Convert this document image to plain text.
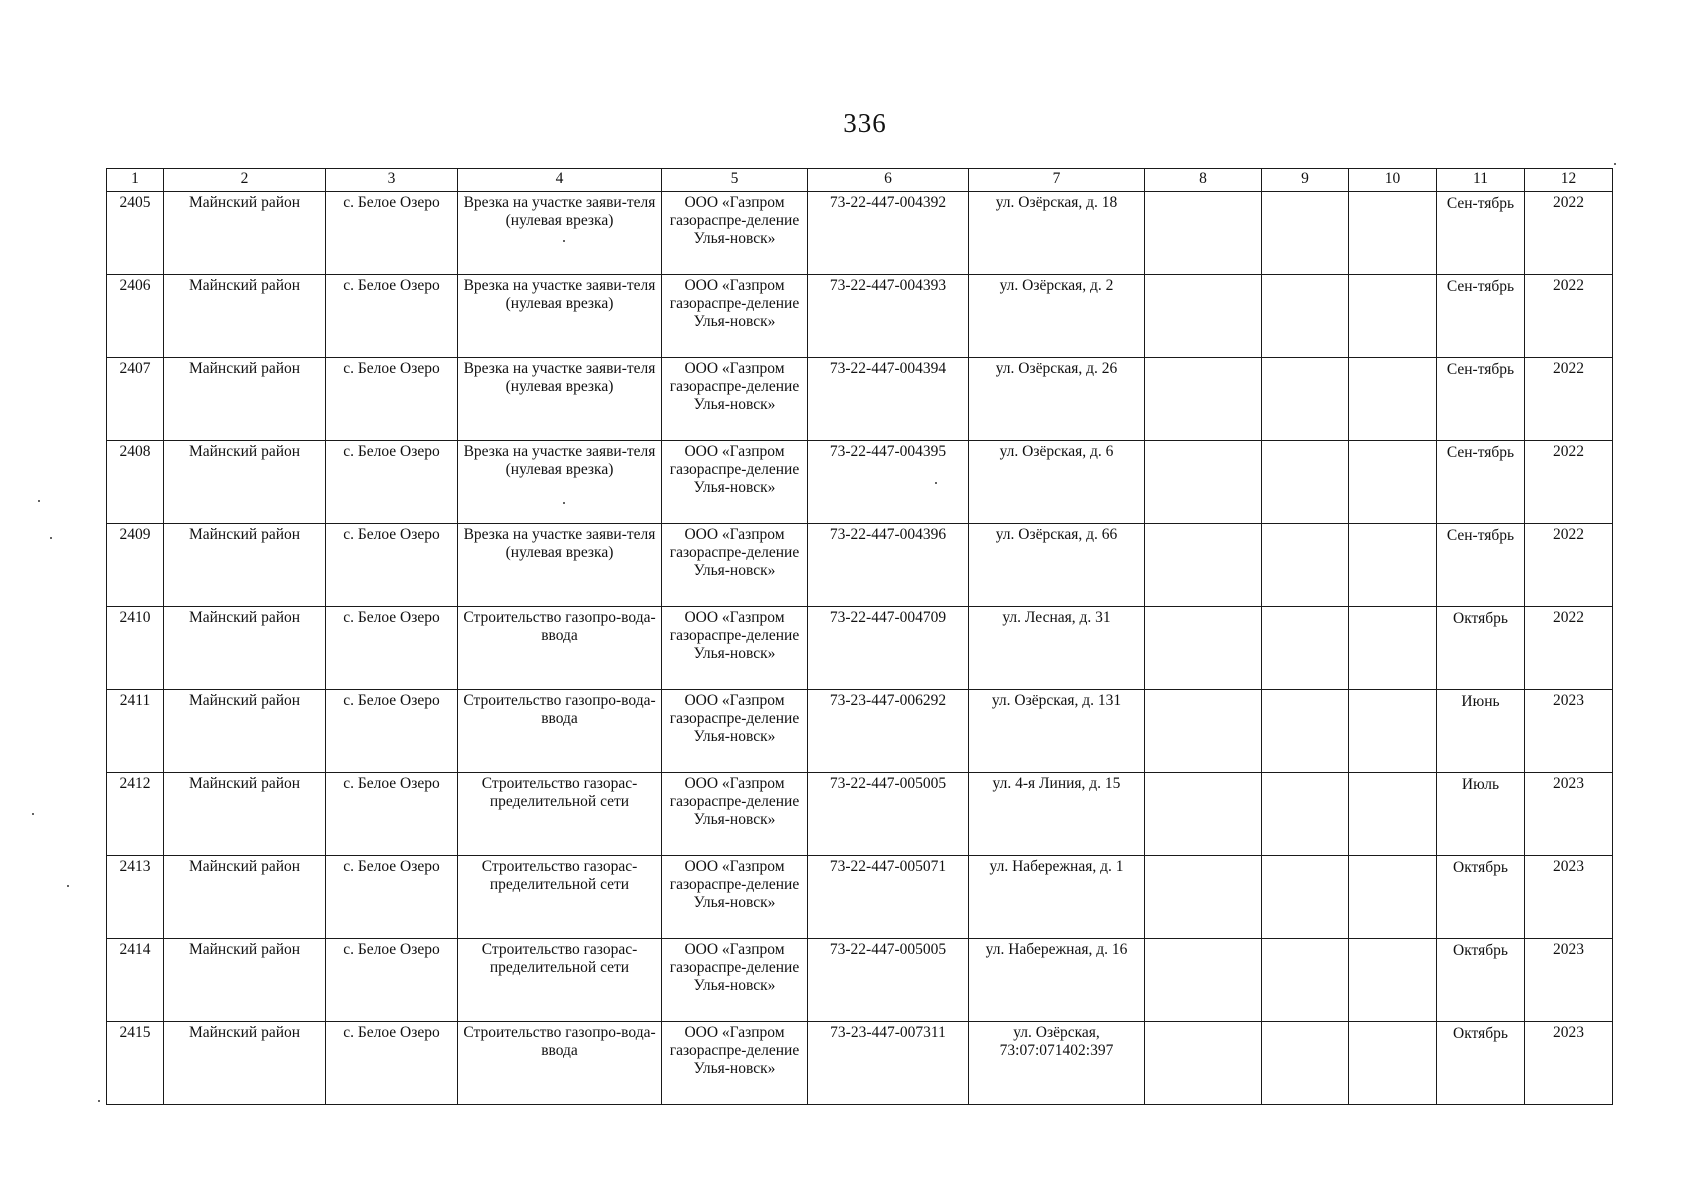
336
1	2	3	4	5	6	7	8	9	10	11	12
2405	Майнский район	с. Белое Озеро	Врезка на участке заяви-теля (нулевая врезка)	ООО «Газпром газораспре-деление Улья-новск»	73-22-447-004392	ул. Озёрская, д. 18				Сен-тябрь	2022
2406	Майнский район	с. Белое Озеро	Врезка на участке заяви-теля (нулевая врезка)	ООО «Газпром газораспре-деление Улья-новск»	73-22-447-004393	ул. Озёрская, д. 2				Сен-тябрь	2022
2407	Майнский район	с. Белое Озеро	Врезка на участке заяви-теля (нулевая врезка)	ООО «Газпром газораспре-деление Улья-новск»	73-22-447-004394	ул. Озёрская, д. 26				Сен-тябрь	2022
2408	Майнский район	с. Белое Озеро	Врезка на участке заяви-теля (нулевая врезка)	ООО «Газпром газораспре-деление Улья-новск»	73-22-447-004395	ул. Озёрская, д. 6				Сен-тябрь	2022
2409	Майнский район	с. Белое Озеро	Врезка на участке заяви-теля (нулевая врезка)	ООО «Газпром газораспре-деление Улья-новск»	73-22-447-004396	ул. Озёрская, д. 66				Сен-тябрь	2022
2410	Майнский район	с. Белое Озеро	Строительство газопро-вода-ввода	ООО «Газпром газораспре-деление Улья-новск»	73-22-447-004709	ул. Лесная, д. 31				Октябрь	2022
2411	Майнский район	с. Белое Озеро	Строительство газопро-вода-ввода	ООО «Газпром газораспре-деление Улья-новск»	73-23-447-006292	ул. Озёрская, д. 131				Июнь	2023
2412	Майнский район	с. Белое Озеро	Строительство газорас-пределительной сети	ООО «Газпром газораспре-деление Улья-новск»	73-22-447-005005	ул. 4-я Линия, д. 15				Июль	2023
2413	Майнский район	с. Белое Озеро	Строительство газорас-пределительной сети	ООО «Газпром газораспре-деление Улья-новск»	73-22-447-005071	ул. Набережная, д. 1				Октябрь	2023
2414	Майнский район	с. Белое Озеро	Строительство газорас-пределительной сети	ООО «Газпром газораспре-деление Улья-новск»	73-22-447-005005	ул. Набережная, д. 16				Октябрь	2023
2415	Майнский район	с. Белое Озеро	Строительство газопро-вода-ввода	ООО «Газпром газораспре-деление Улья-новск»	73-23-447-007311	ул. Озёрская, 73:07:071402:397				Октябрь	2023
